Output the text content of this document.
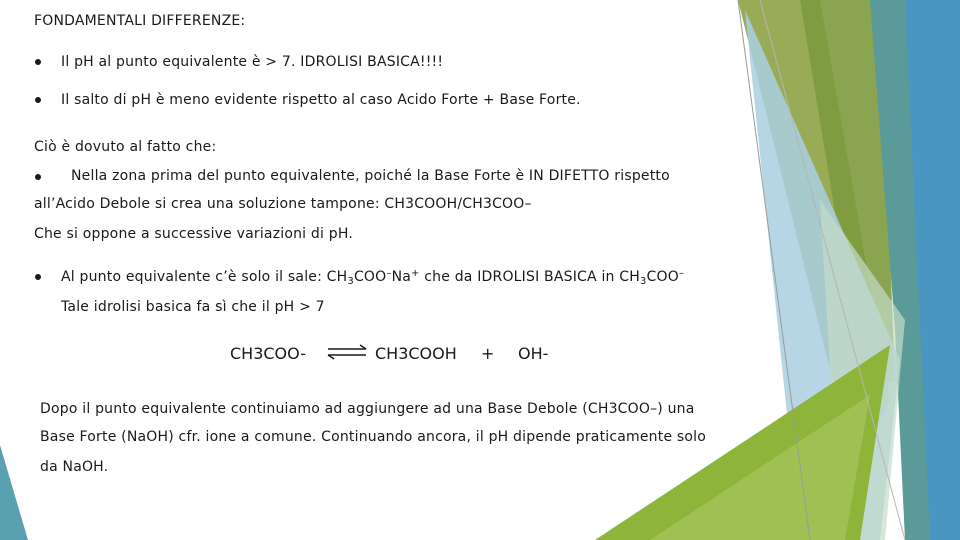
FONDAMENTALI DIFFERENZE:
Il pH al punto equivalente è > 7. IDROLISI BASICA!!!!
Il salto di pH è meno evidente rispetto al caso Acido Forte + Base Forte.
Ciò è dovuto al fatto che:
Nella zona prima del punto equivalente, poiché la Base Forte è IN DIFETTO rispetto
all’Acido Debole si crea una soluzione tampone: CH3COOH/CH3COO–
Che si oppone a successive variazioni di pH.
Al punto equivalente c’è solo il sale: $CH_3COO^-Na^+$ che da IDROLISI BASICA in $CH_3COO^-$
Tale idrolisi basica fa sì che il pH > 7
CH3COO- ⇌ CH3COOH + OH-
Dopo il punto equivalente continuiamo ad aggiungere ad una Base Debole (CH3COO–) una
Base Forte (NaOH) cfr. ione a comune. Continuando ancora, il pH dipende praticamente solo
da NaOH.
